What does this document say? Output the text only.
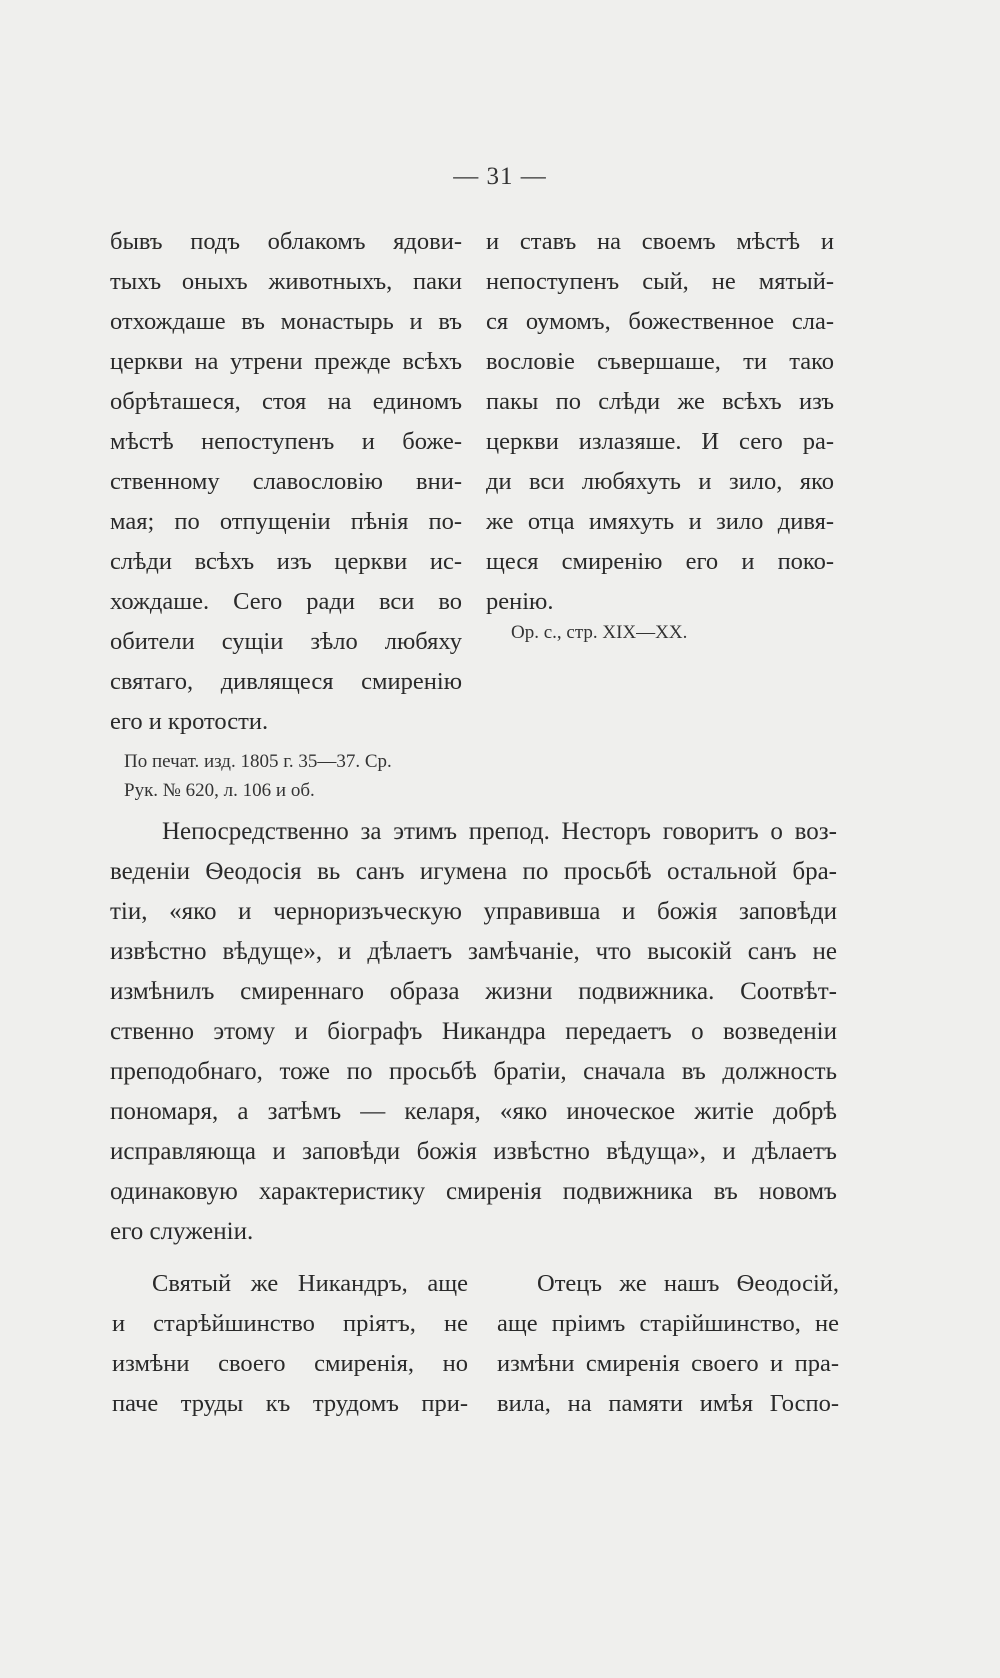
— 31 —
бывъ подъ облакомъ ядови-
тыхъ оныхъ животныхъ, паки
отхождаше въ монастырь и въ
церкви на утрени прежде всѣхъ
обрѣташеся, стоя на единомъ
мѣстѣ непоступенъ и боже-
ственному славословію вни-
мая; по отпущеніи пѣнія по-
слѣди всѣхъ изъ церкви ис-
хождаше. Сего ради вси во
обители сущіи зѣло любяху
святаго, дивлящеся смиренію
его и кротости.
По печат. изд. 1805 г. 35—37. Ср.
Рук. № 620, л. 106 и об.
и ставъ на своемъ мѣстѣ и
непоступенъ сый, не мятый-
ся оумомъ, божественное сла-
вословіе съвершаше, ти тако
пакы по слѣди же всѣхъ изъ
церкви излазяше. И сего ра-
ди вси любяхуть и зило, яко
же отца имяхуть и зило дивя-
щеся смиренію его и поко-
ренію.
Ор. с., стр. XIX—XX.
Непосредственно за этимъ препод. Несторъ говоритъ о воз-
веденіи Ѳеодосія вь санъ игумена по просьбѣ остальной бра-
тіи, «яко и черноризъческую управивша и божія заповѣди
извѣстно вѣдуще», и дѣлаетъ замѣчаніе, что высокій санъ не
измѣнилъ смиреннаго образа жизни подвижника. Соотвѣт-
ственно этому и біографъ Никандра передаетъ о возведеніи
преподобнаго, тоже по просьбѣ братіи, сначала въ должность
пономаря, а затѣмъ — келаря, «яко иноческое житіе добрѣ
исправляюща и заповѣди божія извѣстно вѣдуща», и дѣлаетъ
одинаковую характеристику смиренія подвижника въ новомъ
его служеніи.
Святый же Никандръ, аще
и старѣйшинство пріятъ, не
измѣни своего смиренія, но
паче труды къ трудомъ при-
Отецъ же нашъ Ѳеодосій,
аще пріимъ старійшинство, не
измѣни смиренія своего и пра-
вила, на памяти имѣя Госпо-
